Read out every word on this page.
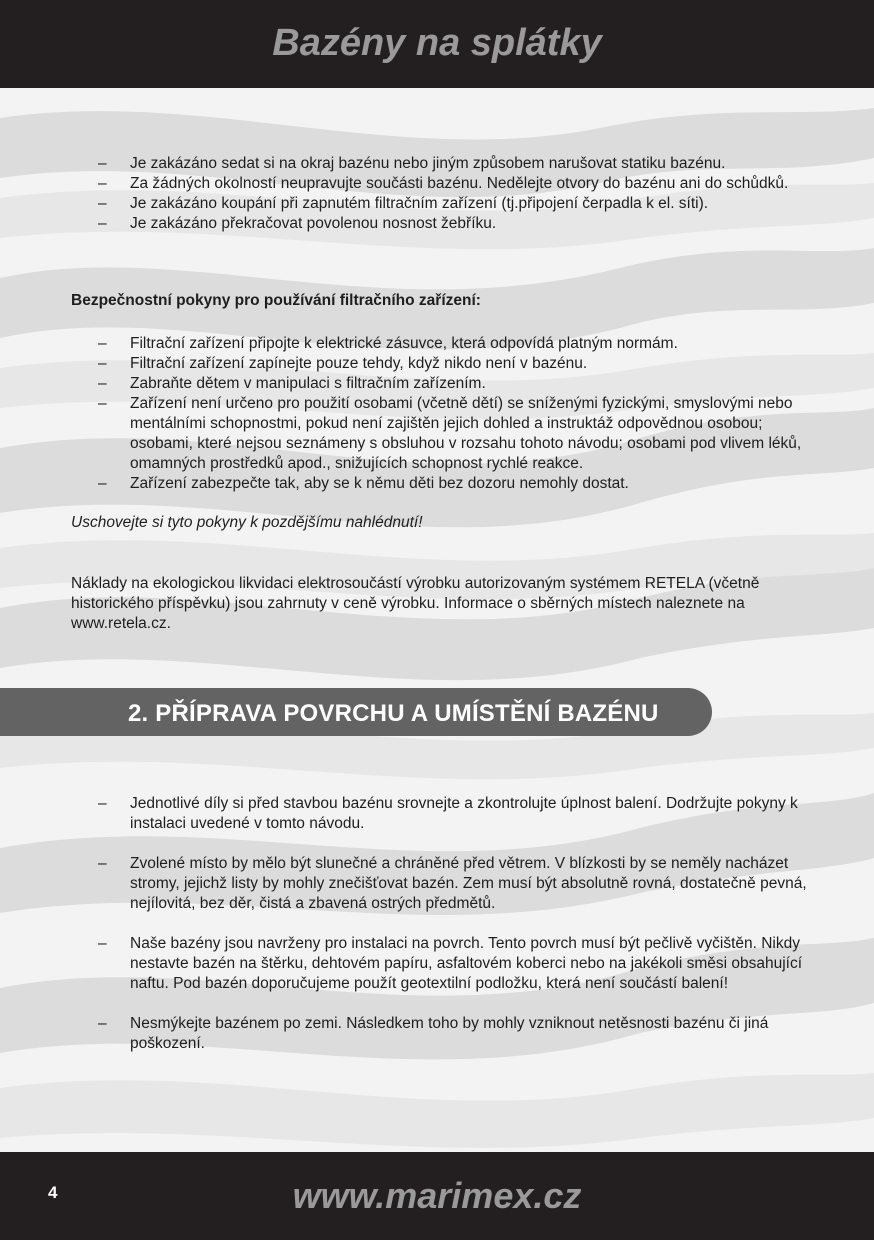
Bazény na splátky
– Je zakázáno sedat si na okraj bazénu nebo jiným způsobem narušovat statiku bazénu.
– Za žádných okolností neupravujte součásti bazénu. Nedělejte otvory do bazénu ani do schůdků.
– Je zakázáno koupání při zapnutém filtračním zařízení (tj.připojení čerpadla k el. síti).
– Je zakázáno překračovat povolenou nosnost žebříku.
Bezpečnostní pokyny pro používání filtračního zařízení:
– Filtrační zařízení připojte k elektrické zásuvce, která odpovídá platným normám.
– Filtrační zařízení zapínejte pouze tehdy, když nikdo není v bazénu.
– Zabraňte dětem v manipulaci s filtračním zařízením.
– Zařízení není určeno pro použití osobami (včetně dětí) se sníženými fyzickými, smyslovými nebo mentálními schopnostmi, pokud není zajištěn jejich dohled a instruktáž odpovědnou osobou; osobami, které nejsou seznámeny s obsluhou v rozsahu tohoto návodu; osobami pod vlivem léků, omamných prostředků apod., snižujících schopnost rychlé reakce.
– Zařízení zabezpečte tak, aby se k němu děti bez dozoru nemohly dostat.
Uschovejte si tyto pokyny k pozdějšímu nahlédnutí!
Náklady na ekologickou likvidaci elektrosoučástí výrobku autorizovaným systémem RETELA (včetně historického příspěvku) jsou zahrnuty v ceně výrobku. Informace o sběrných místech naleznete na www.retela.cz.
2. PŘÍPRAVA POVRCHU A UMÍSTĚNÍ BAZÉNU
– Jednotlivé díly si před stavbou bazénu srovnejte a zkontrolujte úplnost balení. Dodržujte pokyny k instalaci uvedené v tomto návodu.
– Zvolené místo by mělo být slunečné a chráněné před větrem. V blízkosti by se neměly nacházet stromy, jejichž listy by mohly znečišťovat bazén. Zem musí být absolutně rovná, dostatečně pevná, nejílovitá, bez děr, čistá a zbavená ostrých předmětů.
– Naše bazény jsou navrženy pro instalaci na povrch. Tento povrch musí být pečlivě vyčištěn. Nikdy nestavte bazén na štěrku, dehtovém papíru, asfaltovém koberci nebo na jakékoli směsi obsahující naftu. Pod bazén doporučujeme použít geotextilní podložku, která není součástí balení!
– Nesmýkejte bazénem po zemi. Následkem toho by mohly vzniknout netěsnosti bazénu či jiná poškození.
4	www.marimex.cz
